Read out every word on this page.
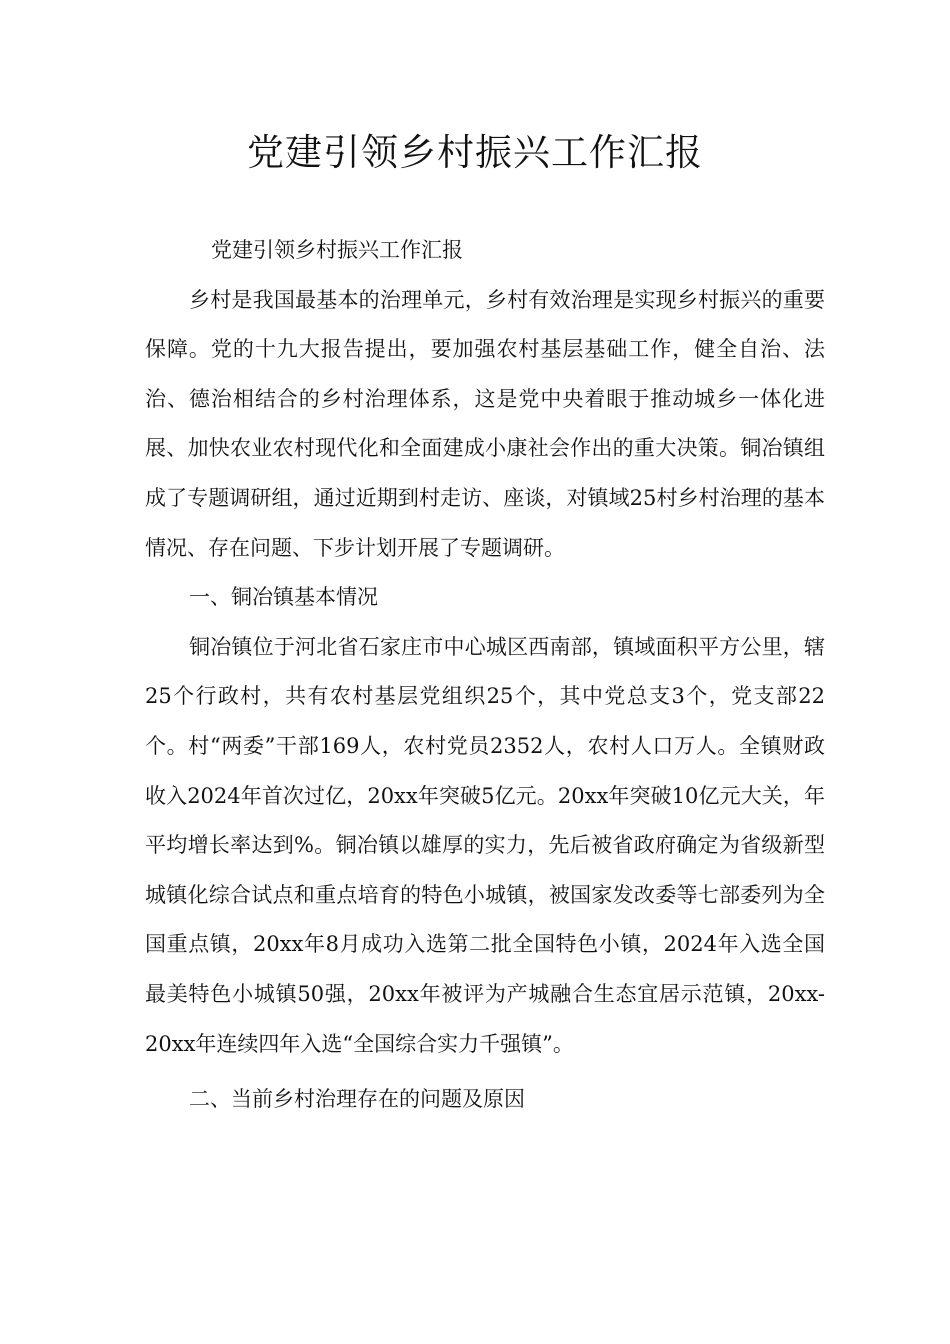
党建引领乡村振兴工作汇报

党建引领乡村振兴工作汇报

乡村是我国最基本的治理单元，乡村有效治理是实现乡村振兴的重要保障。党的十九大报告提出，要加强农村基层基础工作，健全自治、法治、德治相结合的乡村治理体系，这是党中央着眼于推动城乡一体化进展、加快农业农村现代化和全面建成小康社会作出的重大决策。铜冶镇组成了专题调研组，通过近期到村走访、座谈，对镇域25村乡村治理的基本情况、存在问题、下步计划开展了专题调研。

一、铜冶镇基本情况

铜冶镇位于河北省石家庄市中心城区西南部，镇域面积平方公里，辖25个行政村，共有农村基层党组织25个，其中党总支3个，党支部22个。村“两委”干部169人，农村党员2352人，农村人口万人。全镇财政收入2024年首次过亿，20xx年突破5亿元。20xx年突破10亿元大关，年平均增长率达到%。铜冶镇以雄厚的实力，先后被省政府确定为省级新型城镇化综合试点和重点培育的特色小城镇，被国家发改委等七部委列为全国重点镇，20xx年8月成功入选第二批全国特色小镇，2024年入选全国最美特色小城镇50强，20xx年被评为产城融合生态宜居示范镇，20xx-20xx年连续四年入选“全国综合实力千强镇”。

二、当前乡村治理存在的问题及原因
